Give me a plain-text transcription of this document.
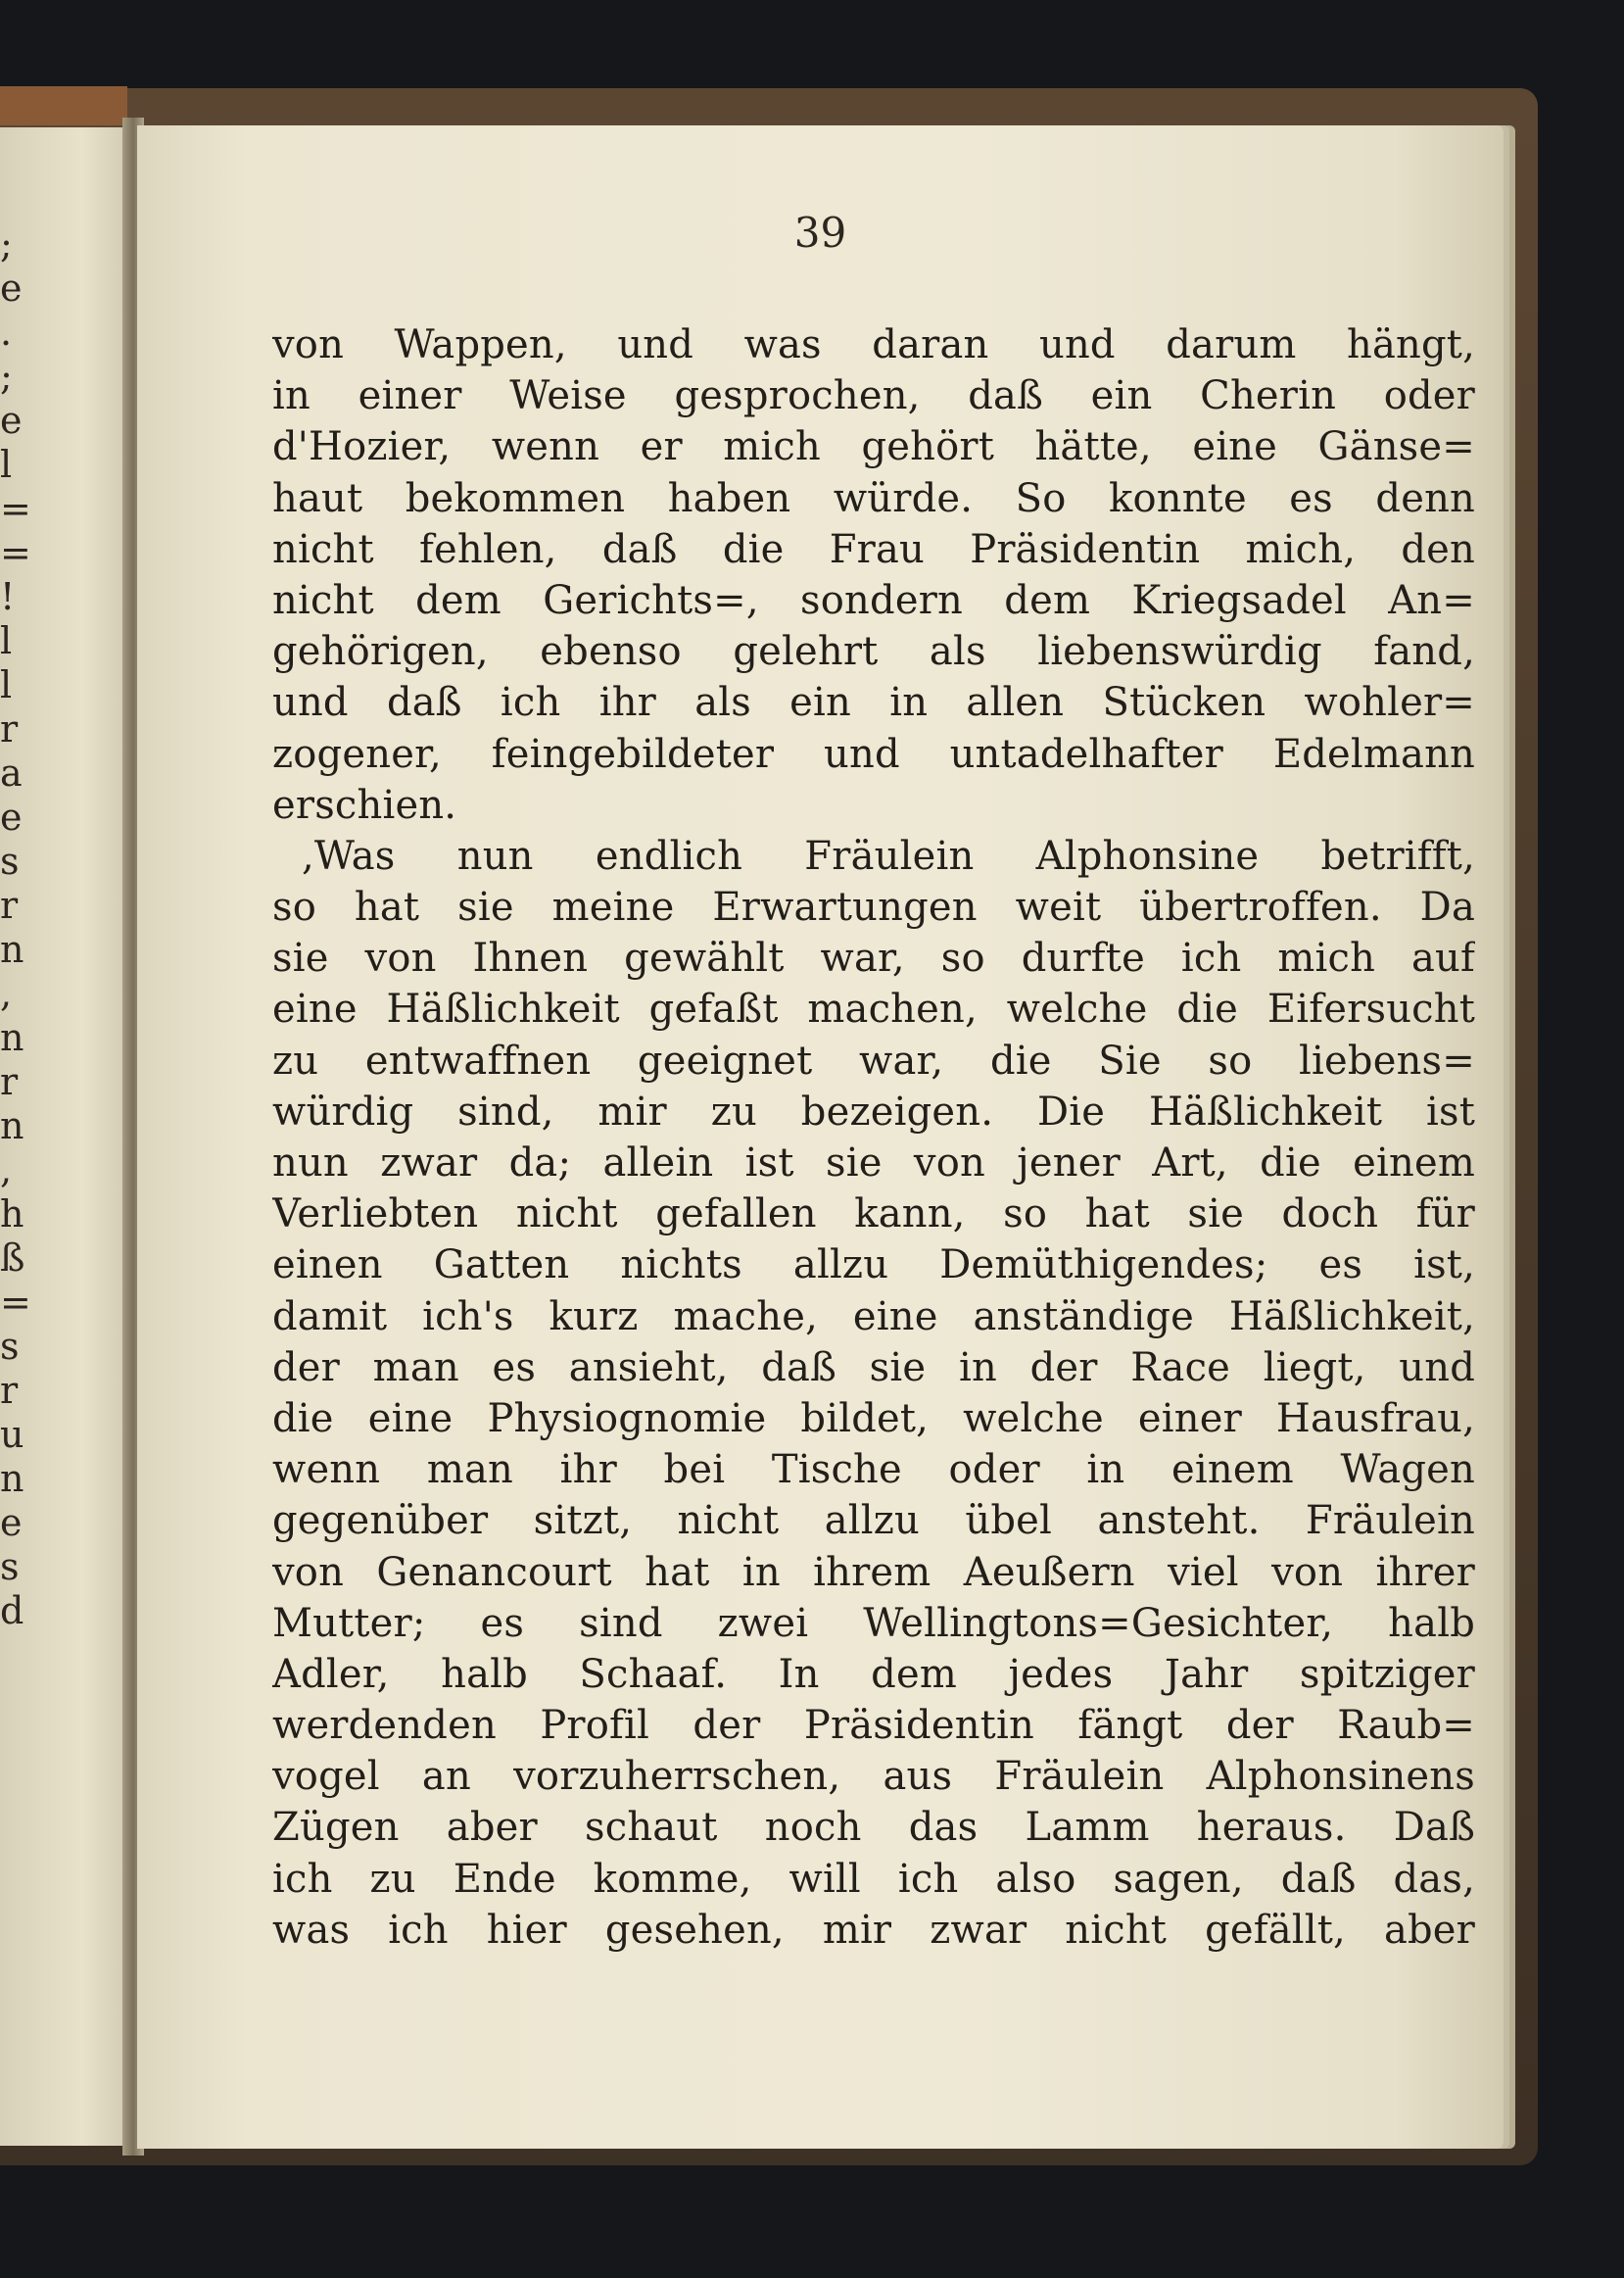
;
e
.
;
e
l
=
=
!
l
l
r
a
e
s
r
n
,
n
r
n
,
h
ß
=
s
r
u
n
e
s
d
39
von Wappen, und was daran und darum hängt,
in einer Weise gesprochen, daß ein Cherin oder
d'Hozier, wenn er mich gehört hätte, eine Gänse=
haut bekommen haben würde. So konnte es denn
nicht fehlen, daß die Frau Präsidentin mich, den
nicht dem Gerichts=, sondern dem Kriegsadel An=
gehörigen, ebenso gelehrt als liebenswürdig fand,
und daß ich ihr als ein in allen Stücken wohler=
zogener, feingebildeter und untadelhafter Edelmann
erschien.
,Was nun endlich Fräulein Alphonsine betrifft,
so hat sie meine Erwartungen weit übertroffen. Da
sie von Ihnen gewählt war, so durfte ich mich auf
eine Häßlichkeit gefaßt machen, welche die Eifersucht
zu entwaffnen geeignet war, die Sie so liebens=
würdig sind, mir zu bezeigen. Die Häßlichkeit ist
nun zwar da; allein ist sie von jener Art, die einem
Verliebten nicht gefallen kann, so hat sie doch für
einen Gatten nichts allzu Demüthigendes; es ist,
damit ich's kurz mache, eine anständige Häßlichkeit,
der man es ansieht, daß sie in der Race liegt, und
die eine Physiognomie bildet, welche einer Hausfrau,
wenn man ihr bei Tische oder in einem Wagen
gegenüber sitzt, nicht allzu übel ansteht. Fräulein
von Genancourt hat in ihrem Aeußern viel von ihrer
Mutter; es sind zwei Wellingtons=Gesichter, halb
Adler, halb Schaaf. In dem jedes Jahr spitziger
werdenden Profil der Präsidentin fängt der Raub=
vogel an vorzuherrschen, aus Fräulein Alphonsinens
Zügen aber schaut noch das Lamm heraus. Daß
ich zu Ende komme, will ich also sagen, daß das,
was ich hier gesehen, mir zwar nicht gefällt, aber
